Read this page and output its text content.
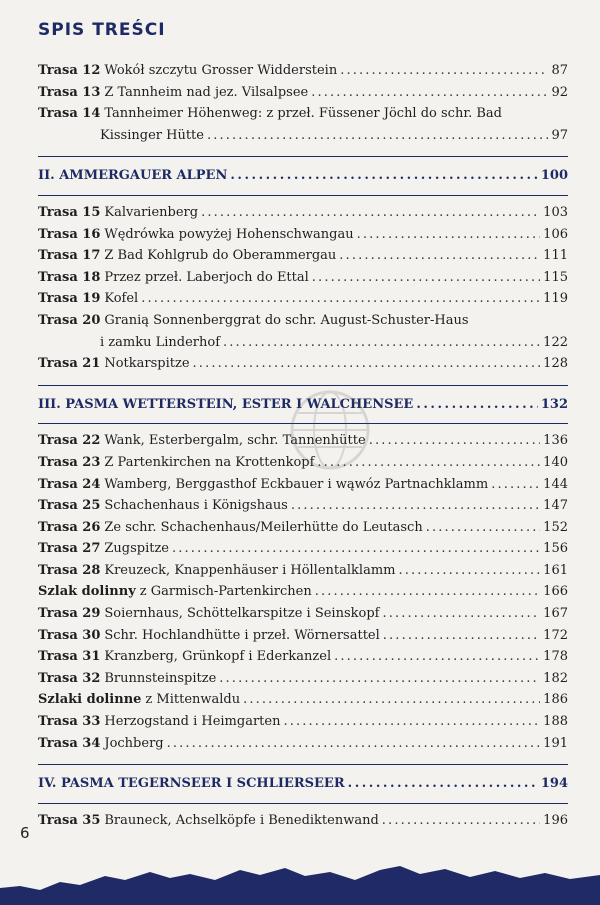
SPIS TREŚCI
Trasa 12 Wokół szczytu Grosser Widderstein . . .	87
Trasa 13 Z Tannheim nad jez. Vilsalpsee . . .	92
Trasa 14 Tannheimer Höhenweg: z przeł. Füssener Jöchl do schr. Bad
Kissinger Hütte . . .	97
II. AMMERGAUER ALPEN . . .	100
Trasa 15 Kalvarienberg . . .	103
Trasa 16 Wędrówka powyżej Hohenschwangau . . .	106
Trasa 17 Z Bad Kohlgrub do Oberammergau . . .	111
Trasa 18 Przez przeł. Laberjoch do Ettal . . .	115
Trasa 19 Kofel . . .	119
Trasa 20 Granią Sonnenberggrat do schr. August-Schuster-Haus
i zamku Linderhof . . .	122
Trasa 21 Notkarspitze . . .	128
III. PASMA WETTERSTEIN, ESTER I WALCHENSEE . . .	132
Trasa 22 Wank, Esterbergalm, schr. Tannenhütte . . .	136
Trasa 23 Z Partenkirchen na Krottenkopf . . .	140
Trasa 24 Wamberg, Berggasthof Eckbauer i wąwóz Partnachklamm . . .	144
Trasa 25 Schachenhaus i Königshaus . . .	147
Trasa 26 Ze schr. Schachenhaus/Meilerhütte do Leutasch . . .	152
Trasa 27 Zugspitze . . .	156
Trasa 28 Kreuzeck, Knappenhäuser i Höllentalklamm . . .	161
Szlak dolinny z Garmisch-Partenkirchen . . .	166
Trasa 29 Soiernhaus, Schöttelkarspitze i Seinskopf . . .	167
Trasa 30 Schr. Hochlandhütte i przeł. Wörnersattel . . .	172
Trasa 31 Kranzberg, Grünkopf i Ederkanzel . . .	178
Trasa 32 Brunnsteinspitze . . .	182
Szlaki dolinne z Mittenwaldu . . .	186
Trasa 33 Herzogstand i Heimgarten . . .	188
Trasa 34 Jochberg . . .	191
IV. PASMA TEGERNSEER I SCHLIERSEER . . .	194
Trasa 35 Brauneck, Achselköpfe i Benediktenwand . . .	196
6
